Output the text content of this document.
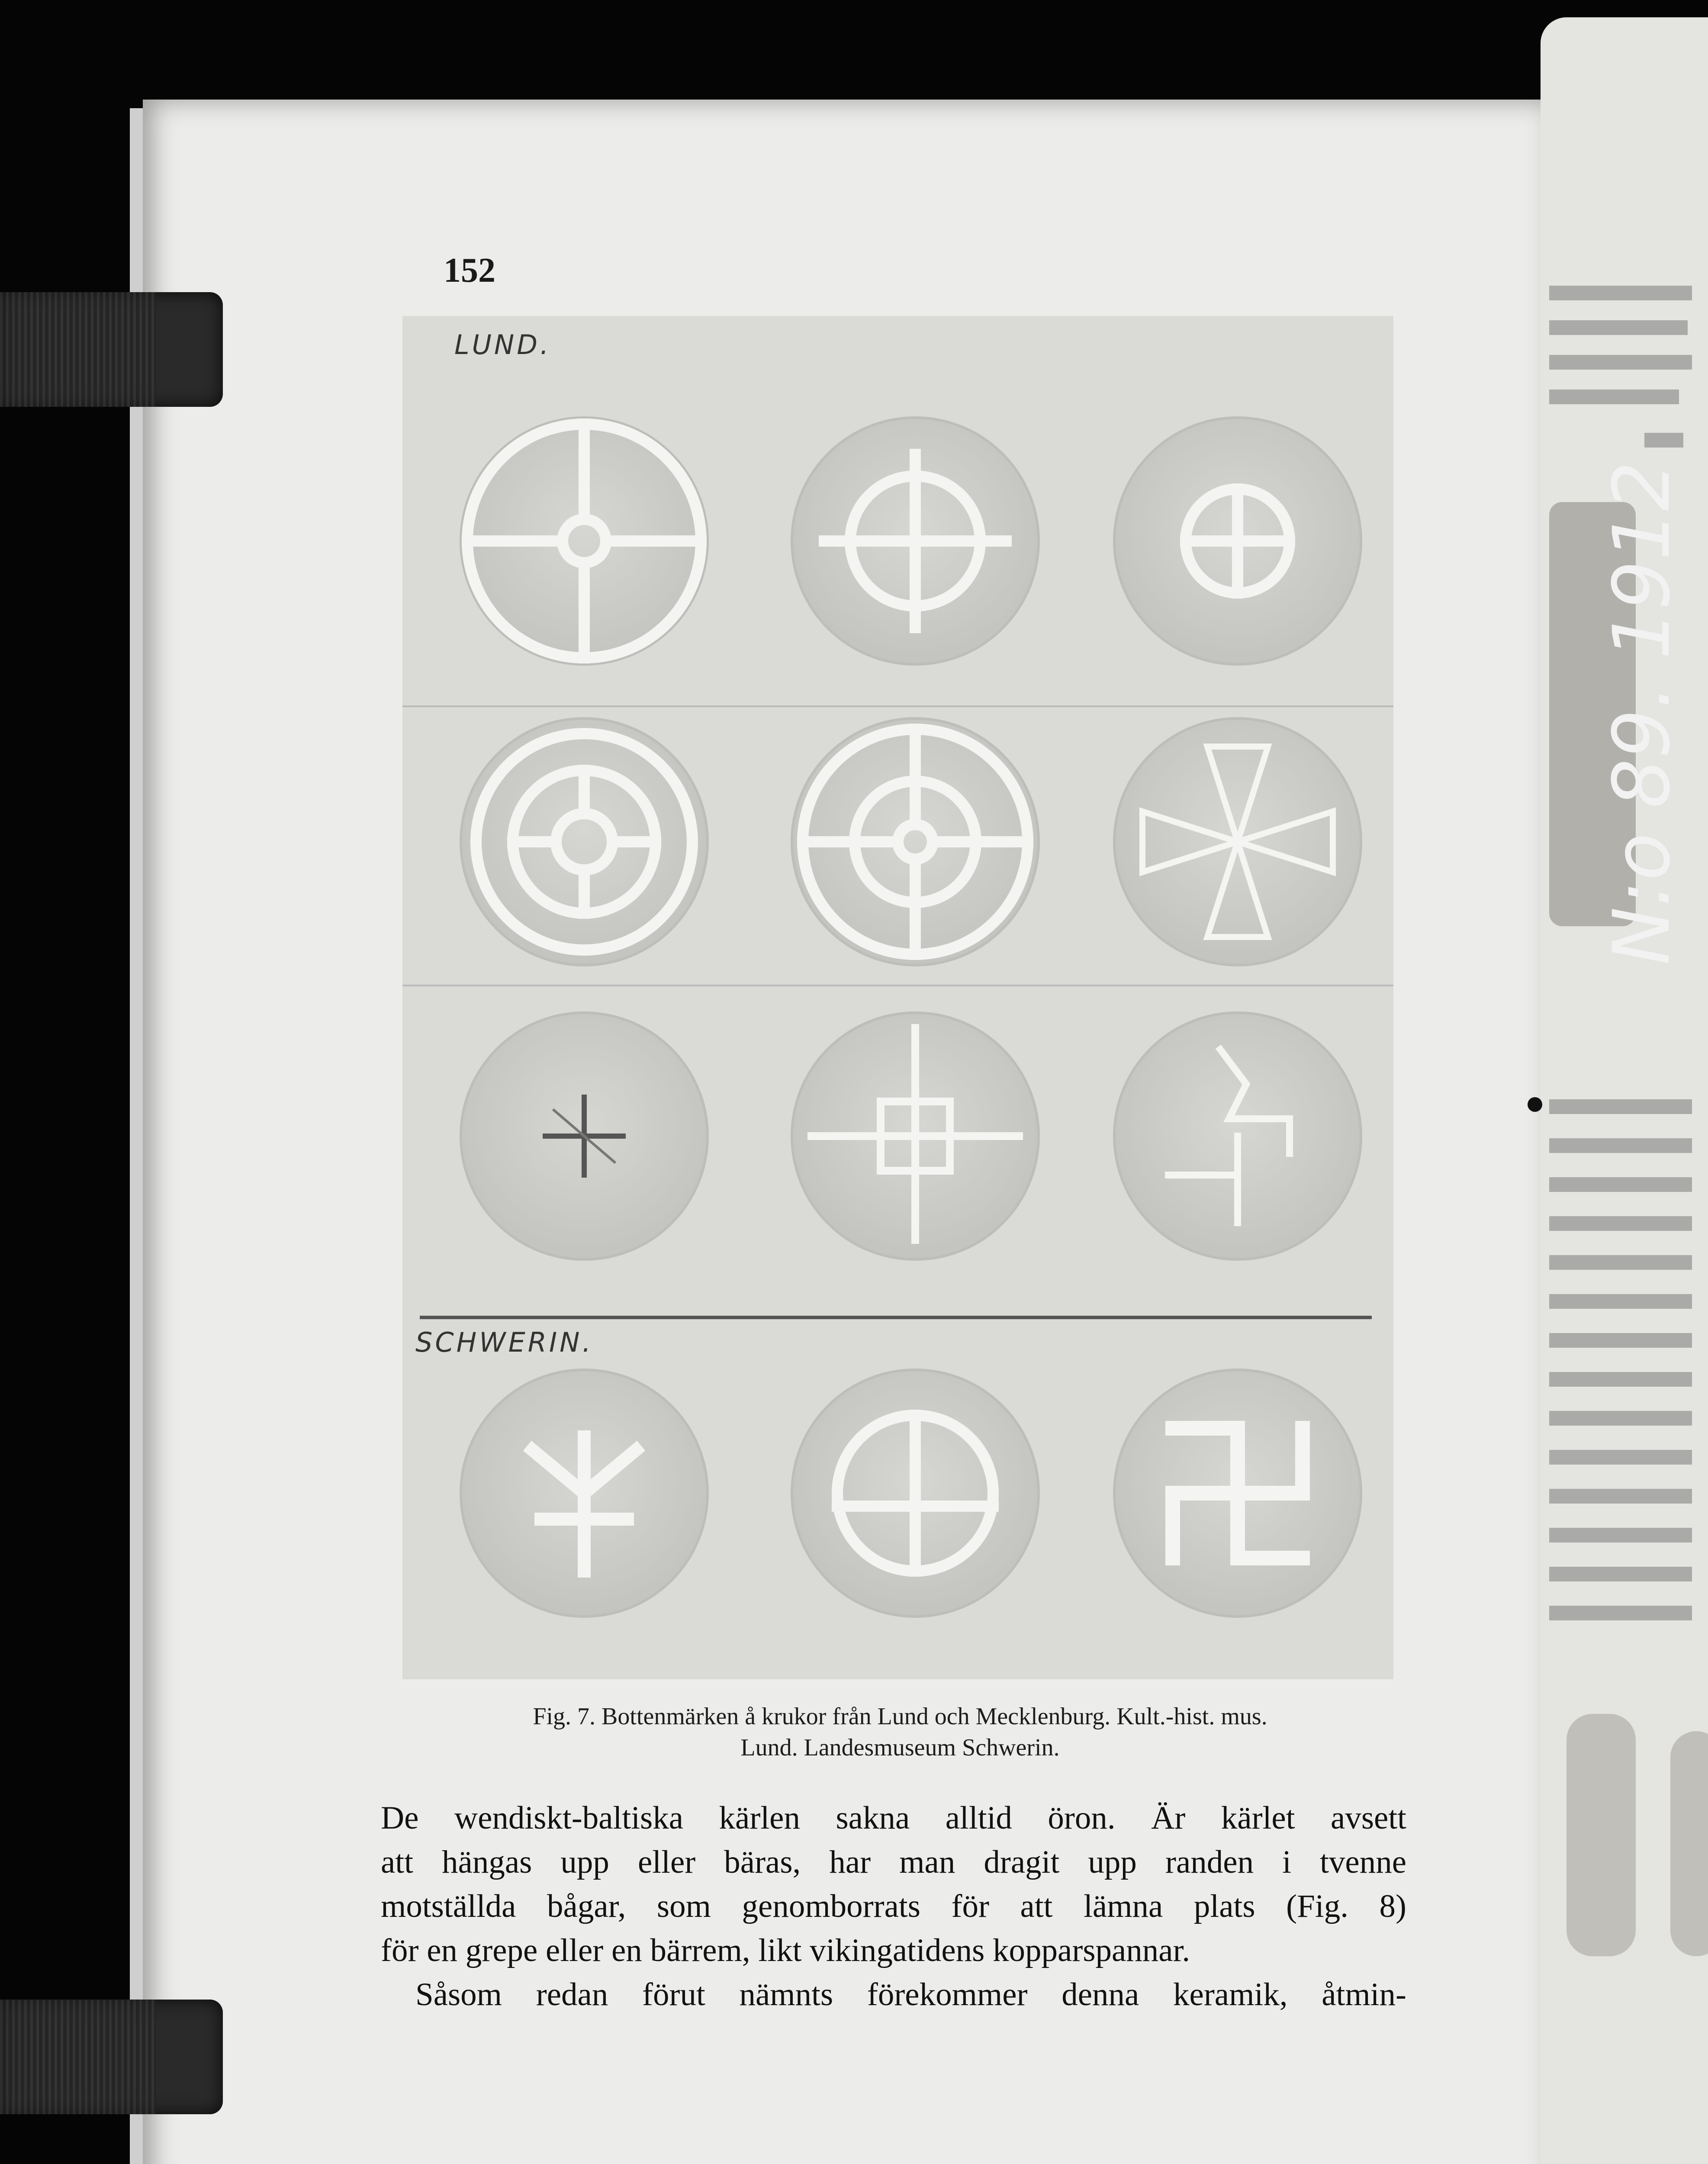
N:o 89. 1912
152
LUND.
SCHWERIN.
Fig. 7. Bottenmärken å krukor från Lund och Mecklenburg. Kult.-hist. mus.
Lund. Landesmuseum Schwerin.

De wendiskt-baltiska kärlen sakna alltid öron. Är kärlet avsett

att hängas upp eller bäras, har man dragit upp randen i tvenne

motställda bågar, som genomborrats för att lämna plats (Fig. 8)

för en grepe eller en bärrem, likt vikingatidens kopparspannar.

Såsom redan förut nämnts förekommer denna keramik, åtmin-
